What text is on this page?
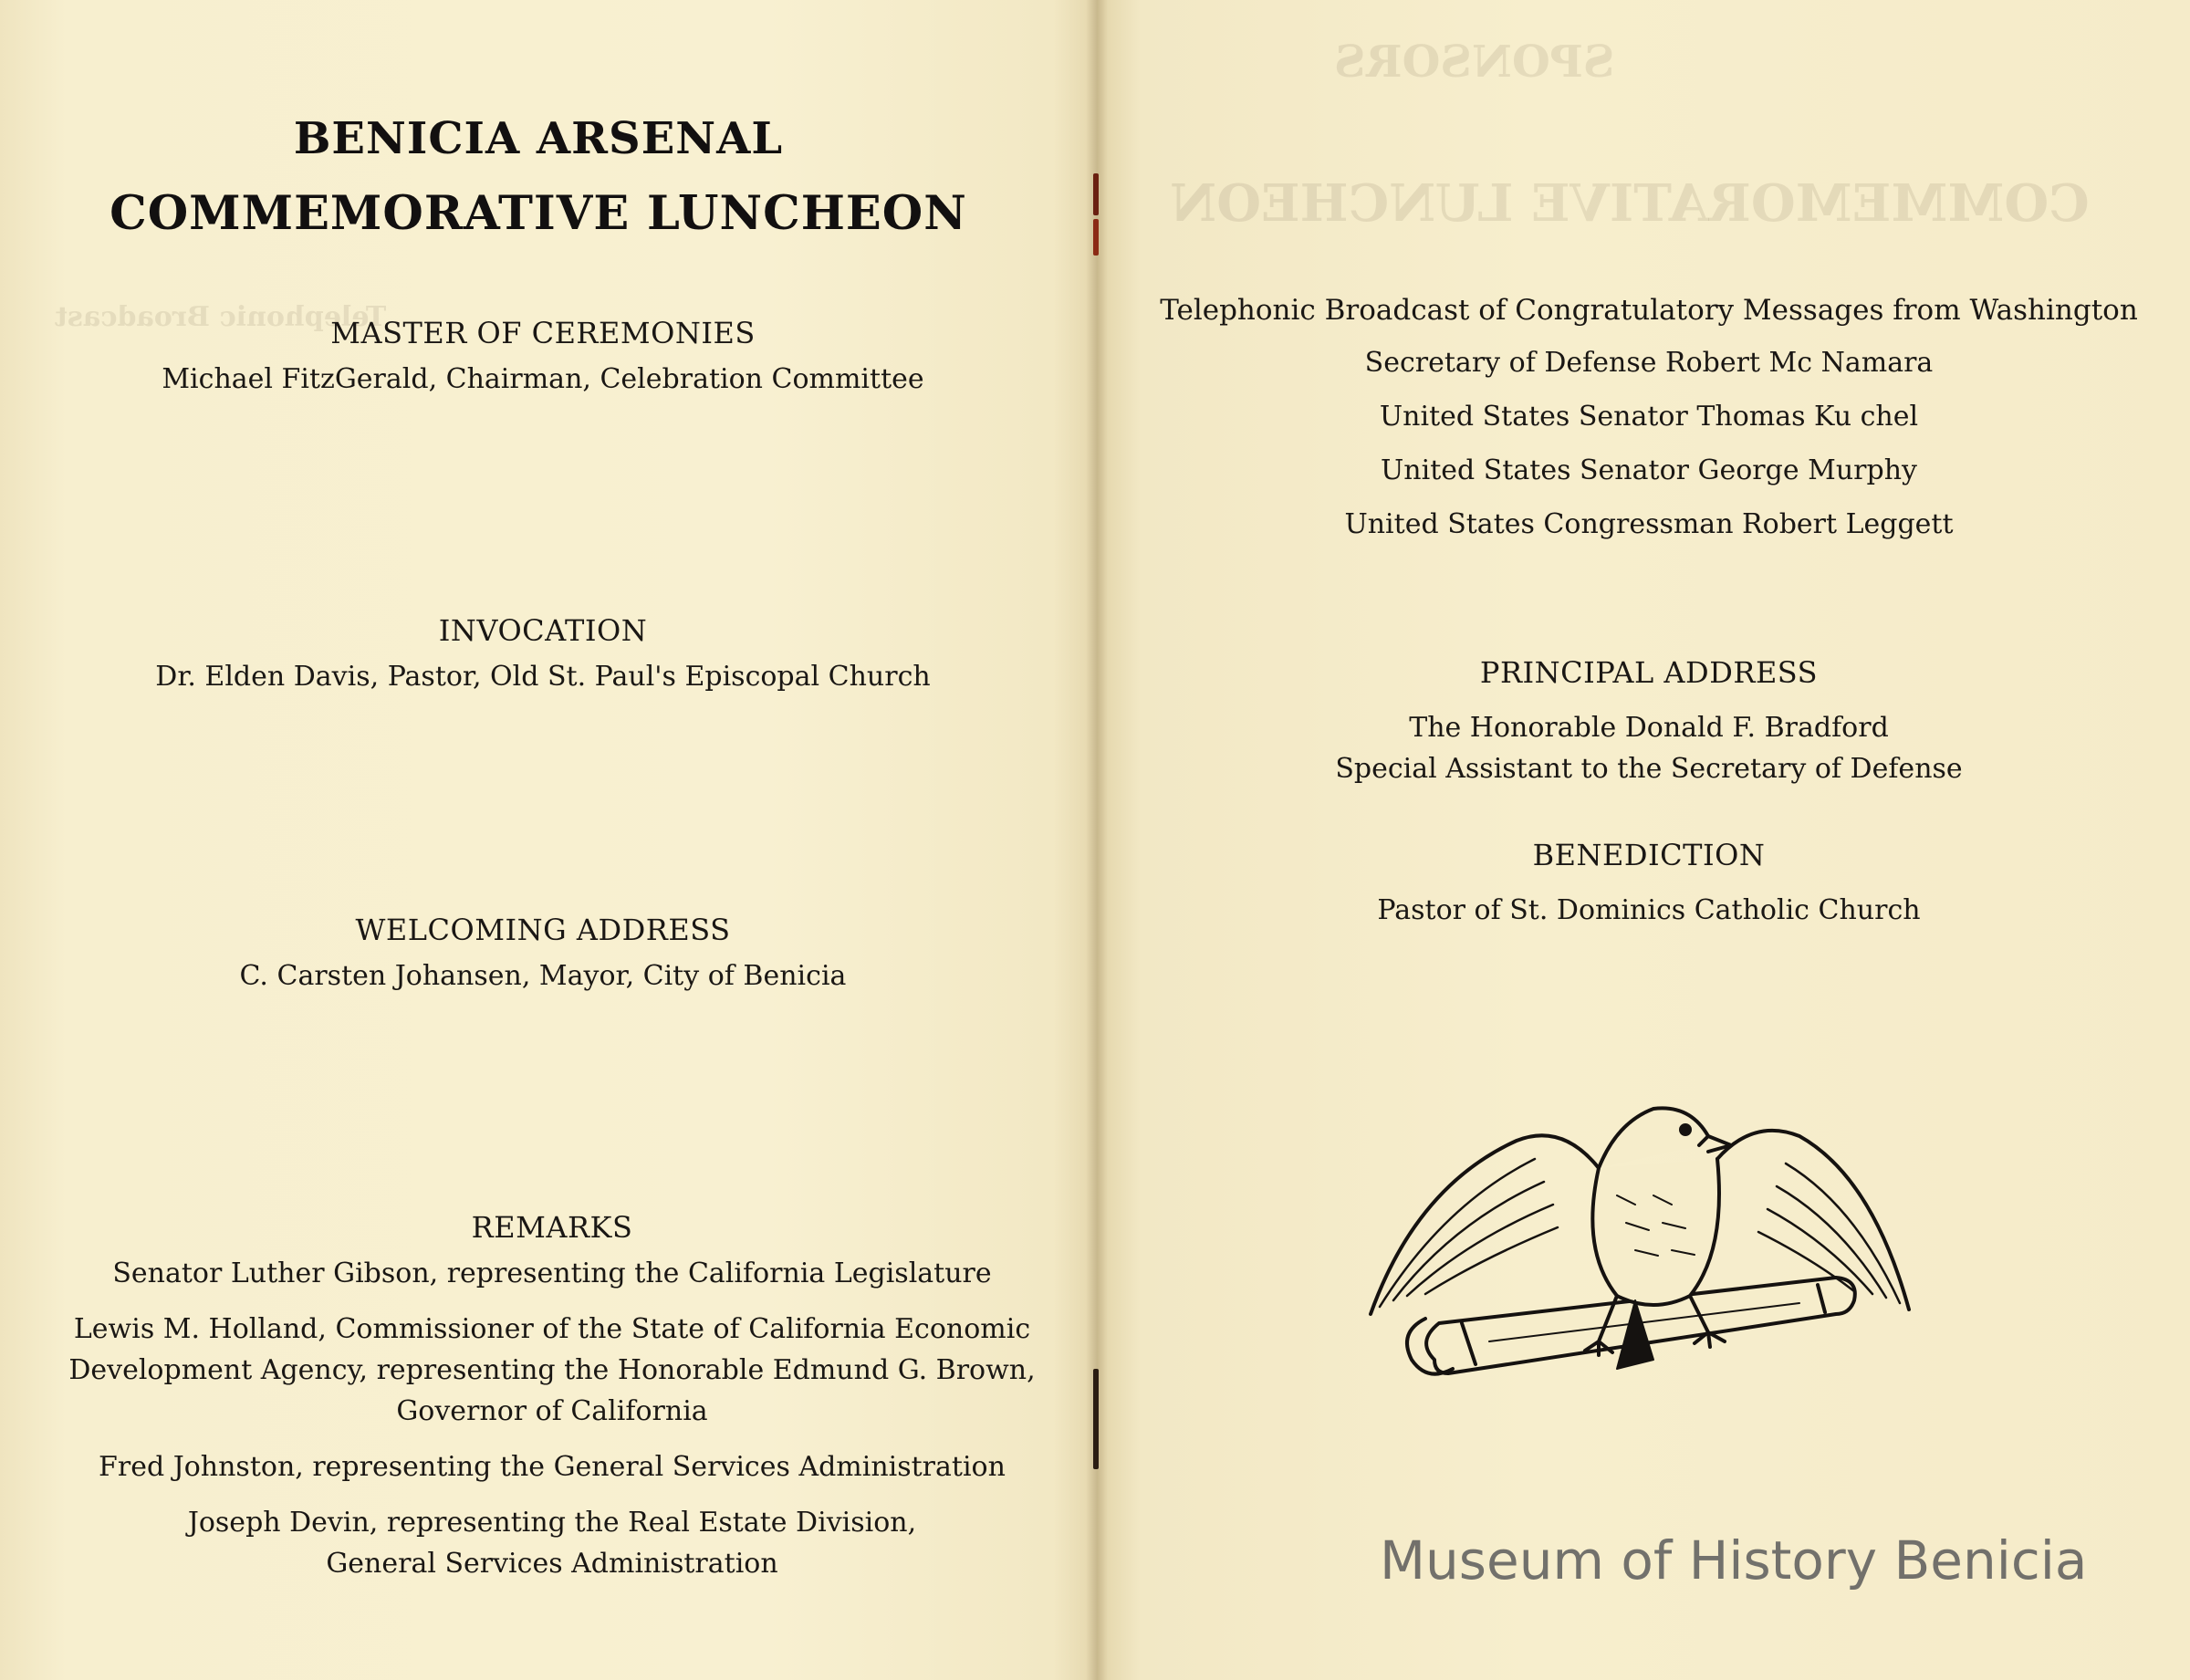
Telephonic Broadcast
BENICIA ARSENAL
COMMEMORATIVE LUNCHEON

MASTER OF CEREMONIES

Michael FitzGerald, Chairman, Celebration Committee

INVOCATION

Dr. Elden Davis, Pastor, Old St. Paul's Episcopal Church

WELCOMING ADDRESS

C. Carsten Johansen, Mayor, City of Benicia

REMARKS

Senator Luther Gibson, representing the California Legislature

Lewis M. Holland, Commissioner of the State of California Economic

Development Agency, representing the Honorable Edmund G. Brown,

Governor of California

Fred Johnston, representing the General Services Administration

Joseph Devin, representing the Real Estate Division,

General Services Administration

COMMEMORATIVE LUNCHEON
SPONSORS

Telephonic Broadcast of Congratulatory Messages from Washington

Secretary of Defense Robert Mc Namara

United States Senator Thomas Ku chel

United States Senator George Murphy

United States Congressman Robert Leggett

PRINCIPAL ADDRESS

The Honorable Donald F. Bradford

Special Assistant to the Secretary of Defense

BENEDICTION

Pastor of St. Dominics Catholic Church

Museum of History Benicia
